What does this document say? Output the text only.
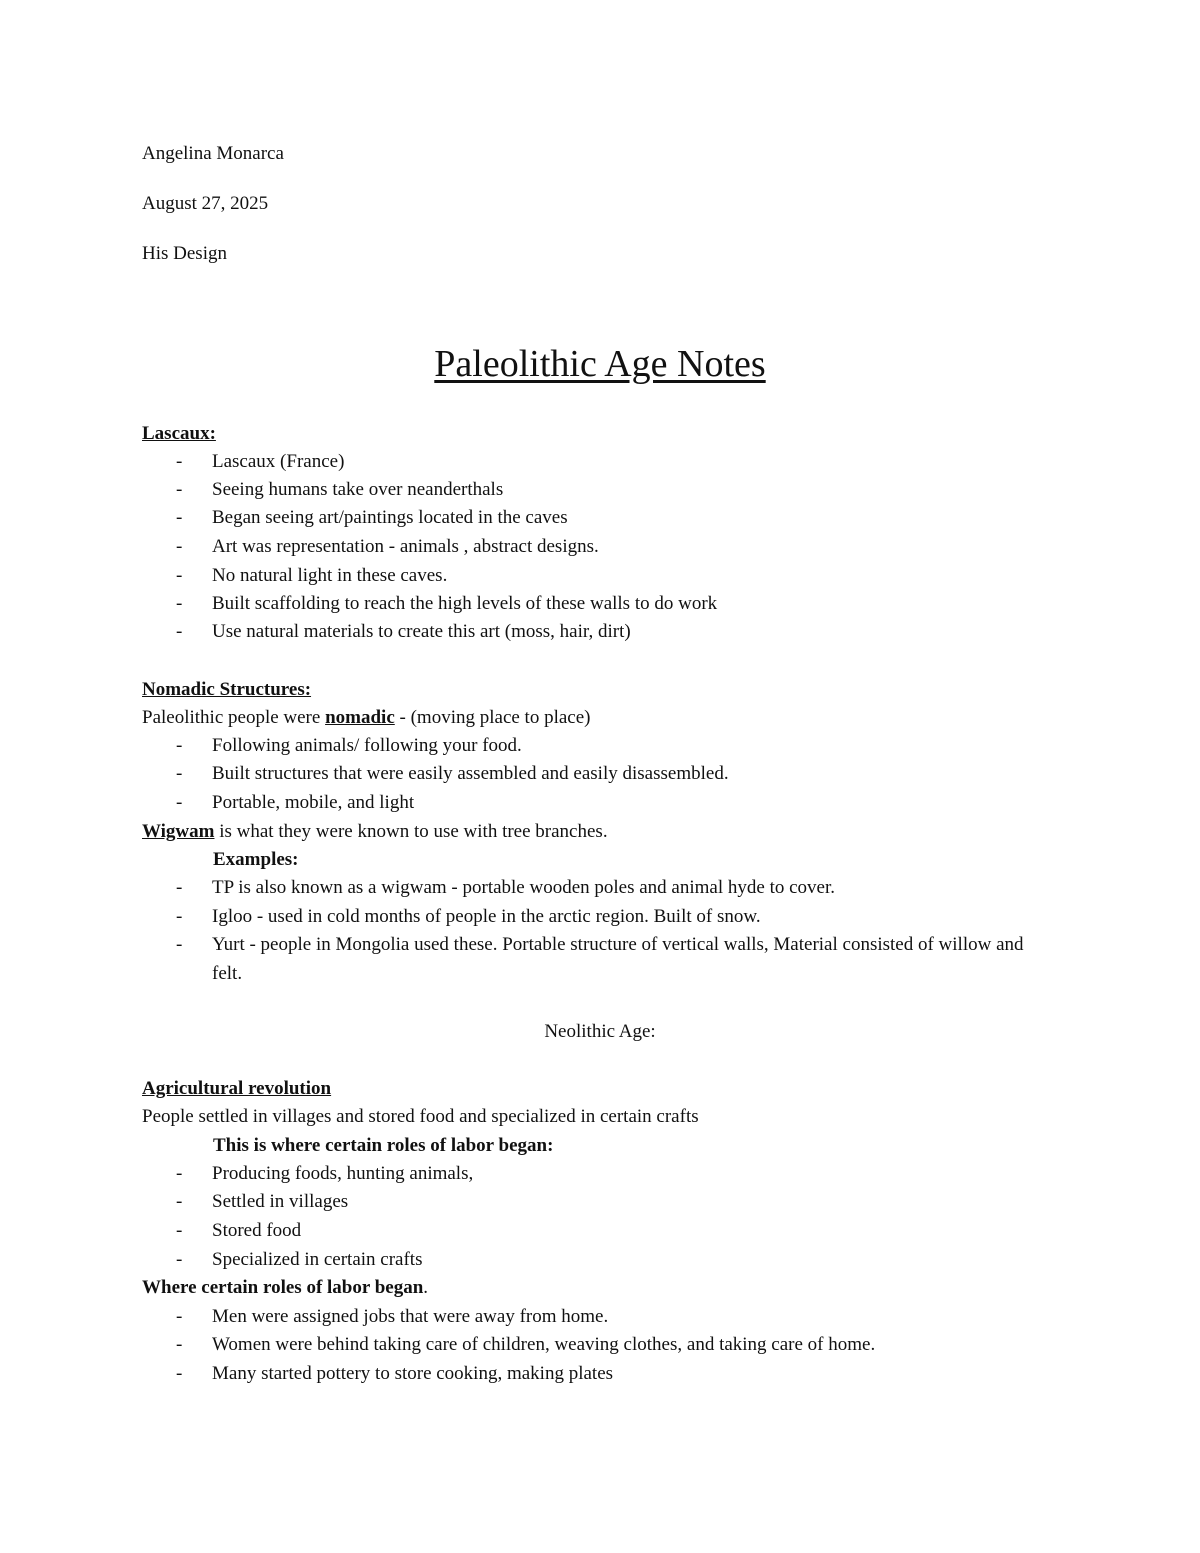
Angelina Monarca
August 27, 2025
His Design
Paleolithic Age Notes
Lascaux:
- Lascaux (France)
- Seeing humans take over neanderthals
- Began seeing art/paintings located in the caves
- Art was representation - animals , abstract designs.
- No natural light in these caves.
- Built scaffolding to reach the high levels of these walls to do work
- Use natural materials to create this art (moss, hair, dirt)
Nomadic Structures:
Paleolithic people were nomadic - (moving place to place)
- Following animals/ following your food.
- Built structures that were easily assembled and easily disassembled.
- Portable, mobile, and light
Wigwam is what they were known to use with tree branches.
Examples:
- TP is also known as a wigwam - portable wooden poles and animal hyde to cover.
- Igloo - used in cold months of people in the arctic region. Built of snow.
- Yurt - people in Mongolia used these. Portable structure of vertical walls, Material consisted of willow and felt.
Neolithic Age:
Agricultural revolution
People settled in villages and stored food and specialized in certain crafts
This is where certain roles of labor began:
- Producing foods, hunting animals,
- Settled in villages
- Stored food
- Specialized in certain crafts
Where certain roles of labor began.
- Men were assigned jobs that were away from home.
- Women were behind taking care of children, weaving clothes, and taking care of home.
- Many started pottery to store cooking, making plates
